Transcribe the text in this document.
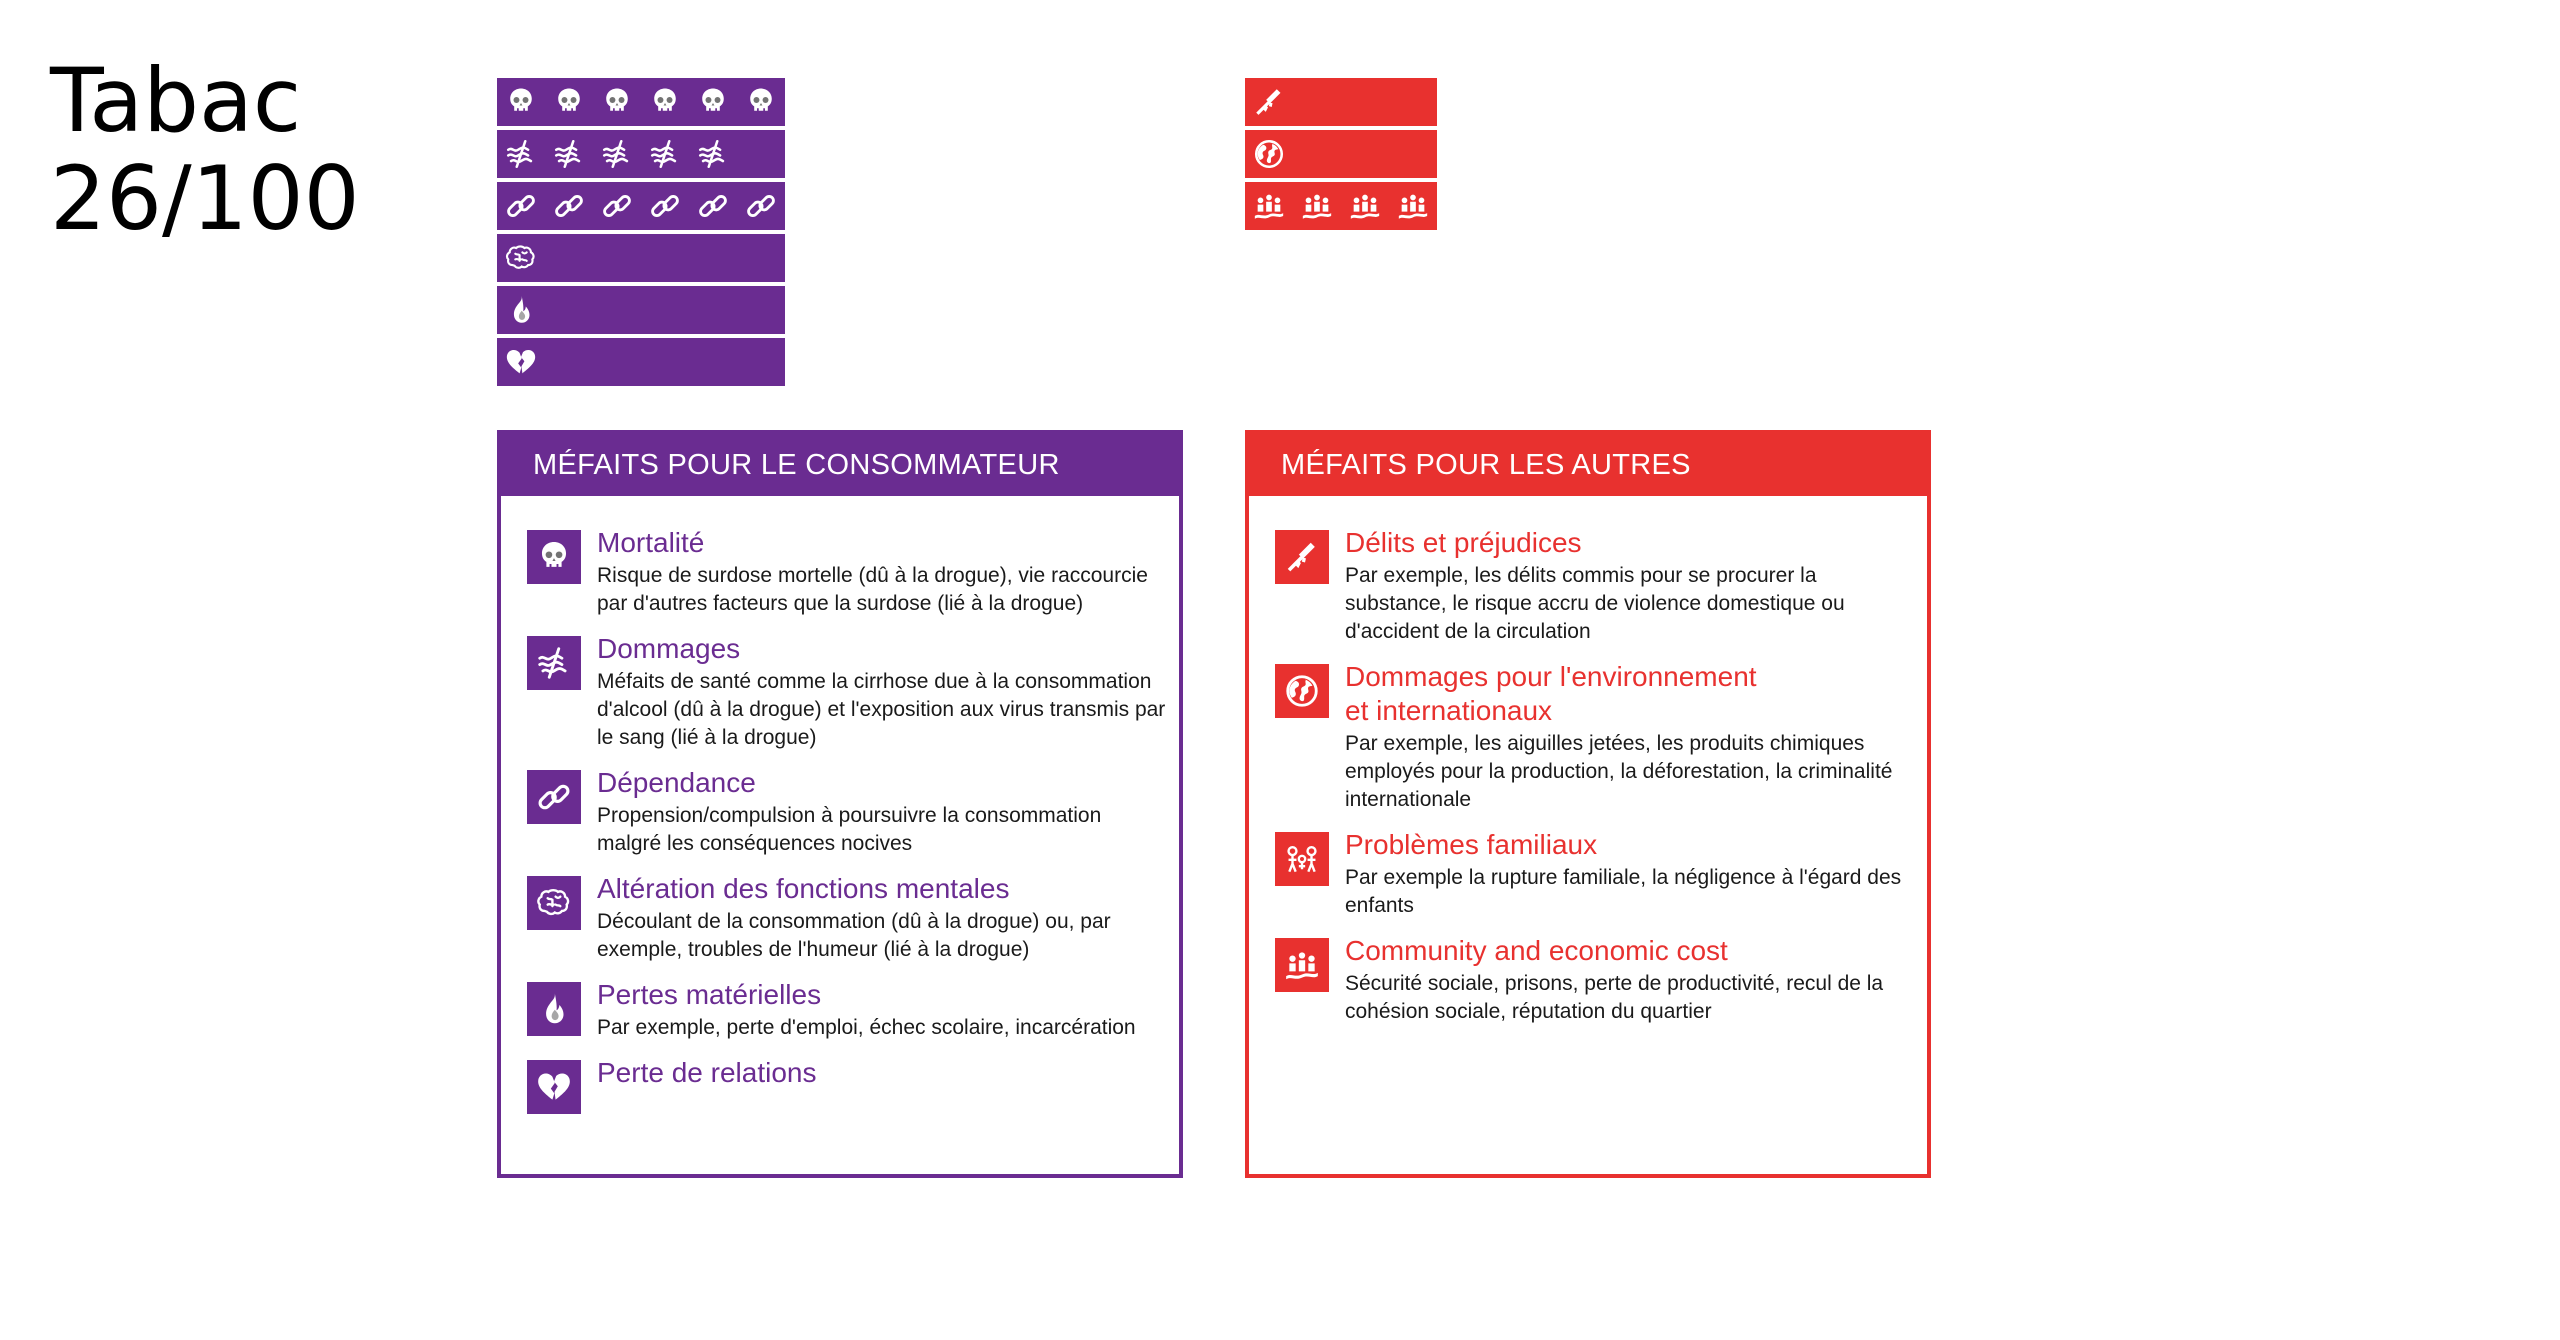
Tabac
26/100
MÉFAITS POUR LE CONSOMMATEUR
Mortalité
Risque de surdose mortelle (dû à la drogue), vie raccourcie par d'autres facteurs que la surdose (lié à la drogue)
Dommages
Méfaits de santé comme la cirrhose due à la consommation d'alcool (dû à la drogue) et l'exposition aux virus transmis par le sang (lié à la drogue)
Dépendance
Propension/compulsion à poursuivre la consommation malgré les conséquences nocives
Altération des fonctions mentales
Découlant de la consommation (dû à la drogue) ou, par exemple, troubles de l'humeur (lié à la drogue)
Pertes matérielles
Par exemple, perte d'emploi, échec scolaire, incarcération
Perte de relations
MÉFAITS POUR LES AUTRES
Délits et préjudices
Par exemple, les délits commis pour se procurer la substance, le risque accru de violence domestique ou d'accident de la circulation
Dommages pour l'environnement
et internationaux
Par exemple, les aiguilles jetées, les produits chimiques employés pour la production, la déforestation, la criminalité internationale
Problèmes familiaux
Par exemple la rupture familiale, la négligence à l'égard des enfants
Community and economic cost
Sécurité sociale, prisons, perte de productivité, recul de la cohésion sociale, réputation du quartier
